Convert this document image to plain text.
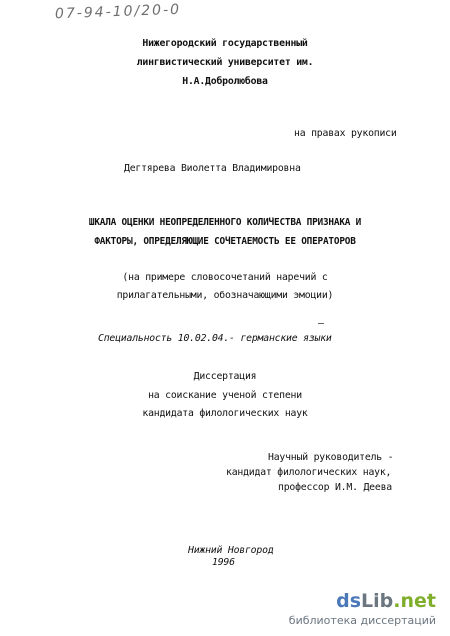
07-94-10/20-0
Нижегородский государственный
лингвистический университет им.
Н.А.Добролюбова
на правах рукописи
Дегтярева Виолетта Владимировна
ШКАЛА ОЦЕНКИ НЕОПРЕДЕЛЕННОГО КОЛИЧЕСТВА ПРИЗНАКА И
ФАКТОРЫ, ОПРЕДЕЛЯЮЩИЕ СОЧЕТАЕМОСТЬ ЕЕ ОПЕРАТОРОВ
(на примере словосочетаний наречий с
прилагательными, обозначающими эмоции)
Специальность 10.02.04.- германские языки
Диссертация
на соискание ученой степени
кандидата филологических наук
Научный руководитель -
кандидат филологических наук,
профессор И.М. Деева
Нижний Новгород
1996
dsLib.net
библиотека диссертаций
